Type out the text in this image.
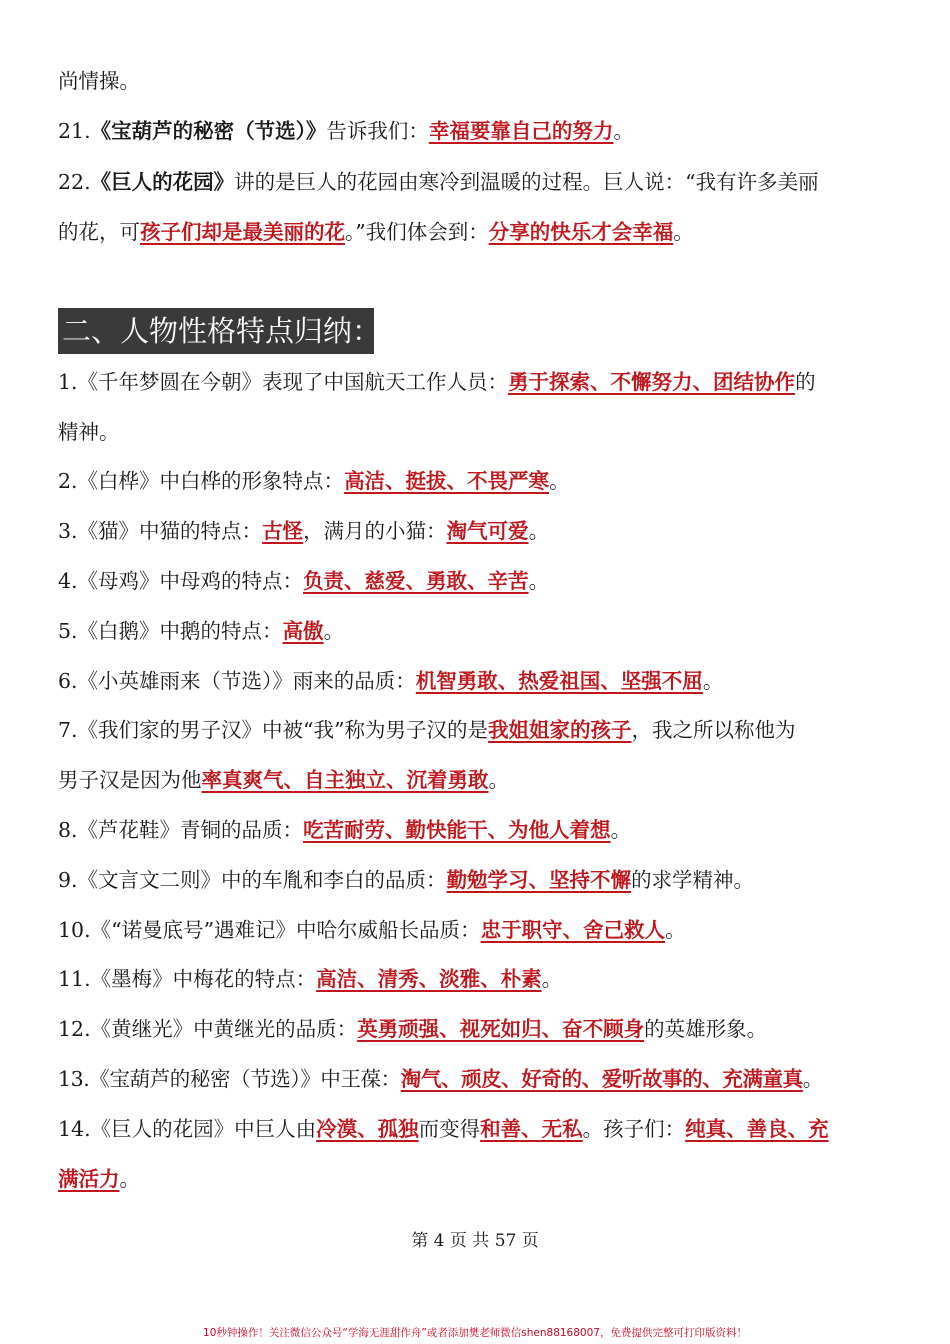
尚情操。
21.《宝葫芦的秘密（节选）》告诉我们：幸福要靠自己的努力。
22.《巨人的花园》讲的是巨人的花园由寒冷到温暖的过程。巨人说：“我有许多美丽
的花，可孩子们却是最美丽的花。”我们体会到：分享的快乐才会幸福。
二、人物性格特点归纳：
1.《千年梦圆在今朝》表现了中国航天工作人员：勇于探索、不懈努力、团结协作的
精神。
2.《白桦》中白桦的形象特点：高洁、挺拔、不畏严寒。
3.《猫》中猫的特点：古怪，满月的小猫：淘气可爱。
4.《母鸡》中母鸡的特点：负责、慈爱、勇敢、辛苦。
5.《白鹅》中鹅的特点：高傲。
6.《小英雄雨来（节选）》雨来的品质：机智勇敢、热爱祖国、坚强不屈。
7.《我们家的男子汉》中被“我”称为男子汉的是我姐姐家的孩子，我之所以称他为
男子汉是因为他率真爽气、自主独立、沉着勇敢。
8.《芦花鞋》青铜的品质：吃苦耐劳、勤快能干、为他人着想。
9.《文言文二则》中的车胤和李白的品质：勤勉学习、坚持不懈的求学精神。
10.《“诺曼底号”遇难记》中哈尔威船长品质：忠于职守、舍己救人。
11.《墨梅》中梅花的特点：高洁、清秀、淡雅、朴素。
12.《黄继光》中黄继光的品质：英勇顽强、视死如归、奋不顾身的英雄形象。
13.《宝葫芦的秘密（节选）》中王葆：淘气、顽皮、好奇的、爱听故事的、充满童真。
14.《巨人的花园》中巨人由冷漠、孤独而变得和善、无私。孩子们：纯真、善良、充
满活力。
第 4 页 共 57 页
10秒钟操作！关注微信公众号“学海无涯甜作舟”或者添加樊老师微信shen88168007，免费提供完整可打印版资料！
